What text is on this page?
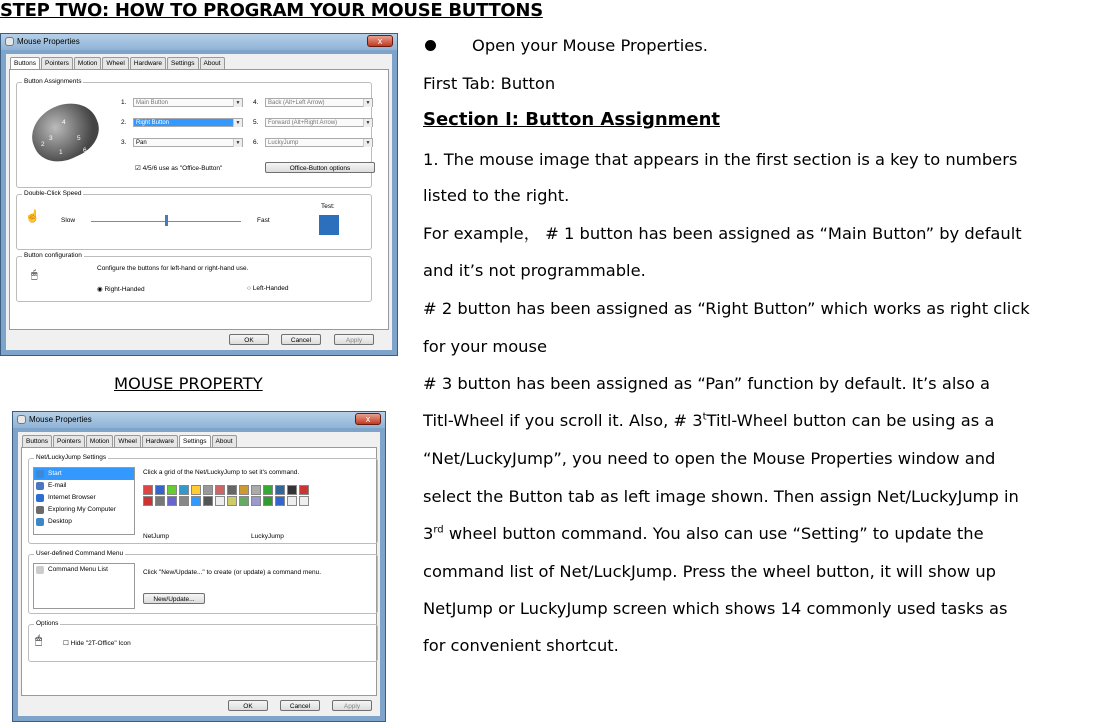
STEP TWO: HOW TO PROGRAM YOUR MOUSE BUTTONS
Open your Mouse Properties.
First Tab: Button
Section I: Button Assignment
1. The mouse image that appears in the first section is a key to numbers
listed to the right.
For example， # 1 button has been assigned as “Main Button” by default
and it’s not programmable.
# 2 button has been assigned as “Right Button” which works as right click
for your mouse
# 3 button has been assigned as “Pan” function by default. It’s also a
Titl-Wheel if you scroll it. Also, # 3$^t$Titl-Wheel button can be using as a
“Net/LuckyJump”, you need to open the Mouse Properties window and
select the Button tab as left image shown. Then assign Net/LuckyJump in
3rd wheel button command. You also can use “Setting” to update the
command list of Net/LuckJump. Press the wheel button, it will show up
NetJump or LuckyJump screen which shows 14 commonly used tasks as
for convenient shortcut.
MOUSE PROPERTY
Mouse Properties	x
Buttons	Pointers	Motion	Wheel	Hardware	Settings	About
Button Assignments
4
5
6
2
3
1
1.	Main Button	▼
2.	Right Button	▼
3.	Pan	▼
4.	Back (Alt+Left Arrow)	▼
5.	Forward (Alt+Right Arrow)	▼
6.	LuckyJump	▼
☑ 4/5/6 use as "Office-Button"	Office-Button options
Double-Click Speed
☝	Slow	Fast
Test:
Button configuration
🖱
Configure the buttons for left-hand or right-hand use.
◉ Right-Handed	○ Left-Handed
OK	Cancel	Apply
Mouse Properties	x
Buttons	Pointers	Motion	Wheel	Hardware	Settings	About
Net/LuckyJump Settings
Start
E-mail
Internet Browser
Exploring My Computer
Desktop
Click a grid of the Net/LuckyJump to set it's command.
NetJump	LuckyJump
User-defined Command Menu
Command Menu List	Click "New/Update..." to create (or update) a command menu.
New/Update...
Options
🖱	☐ Hide "2T-Office" Icon
OK	Cancel	Apply
